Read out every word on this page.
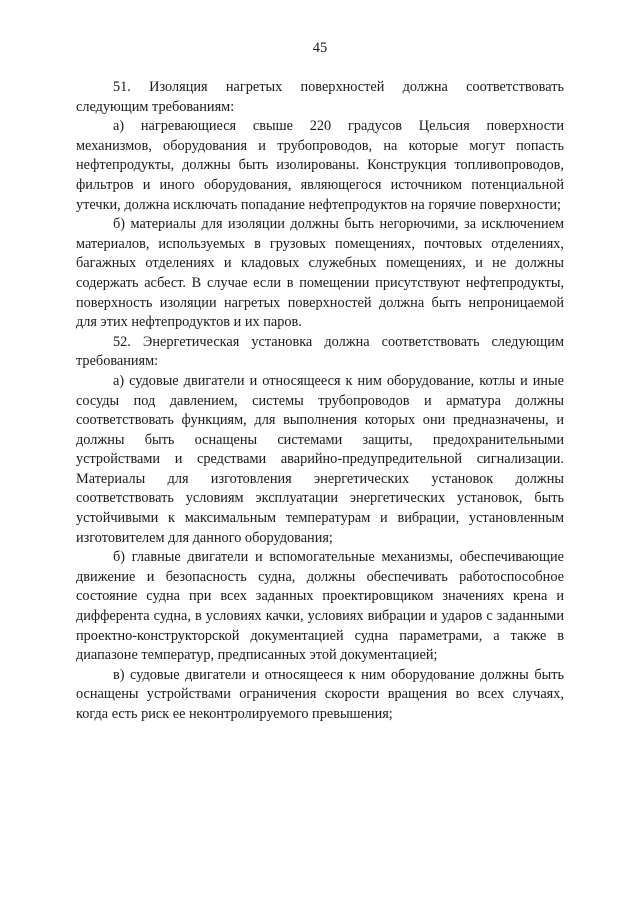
45

51. Изоляция нагретых поверхностей должна соответствовать следующим требованиям:

а) нагревающиеся свыше 220 градусов Цельсия поверхности механизмов, оборудования и трубопроводов, на которые могут попасть нефтепродукты, должны быть изолированы. Конструкция топливопроводов, фильтров и иного оборудования, являющегося источником потенциальной утечки, должна исключать попадание нефтепродуктов на горячие поверхности;

б) материалы для изоляции должны быть негорючими, за исключением материалов, используемых в грузовых помещениях, почтовых отделениях, багажных отделениях и кладовых служебных помещениях, и не должны содержать асбест. В случае если в помещении присутствуют нефтепродукты, поверхность изоляции нагретых поверхностей должна быть непроницаемой для этих нефтепродуктов и их паров.

52. Энергетическая установка должна соответствовать следующим требованиям:

а) судовые двигатели и относящееся к ним оборудование, котлы и иные сосуды под давлением, системы трубопроводов и арматура должны соответствовать функциям, для выполнения которых они предназначены, и должны быть оснащены системами защиты, предохранительными устройствами и средствами аварийно-предупредительной сигнализации. Материалы для изготовления энергетических установок должны соответствовать условиям эксплуатации энергетических установок, быть устойчивыми к максимальным температурам и вибрации, установленным изготовителем для данного оборудования;

б) главные двигатели и вспомогательные механизмы, обеспечивающие движение и безопасность судна, должны обеспечивать работоспособное состояние судна при всех заданных проектировщиком значениях крена и дифферента судна, в условиях качки, условиях вибрации и ударов с заданными проектно-конструкторской документацией судна параметрами, а также в диапазоне температур, предписанных этой документацией;

в) судовые двигатели и относящееся к ним оборудование должны быть оснащены устройствами ограничения скорости вращения во всех случаях, когда есть риск ее неконтролируемого превышения;
